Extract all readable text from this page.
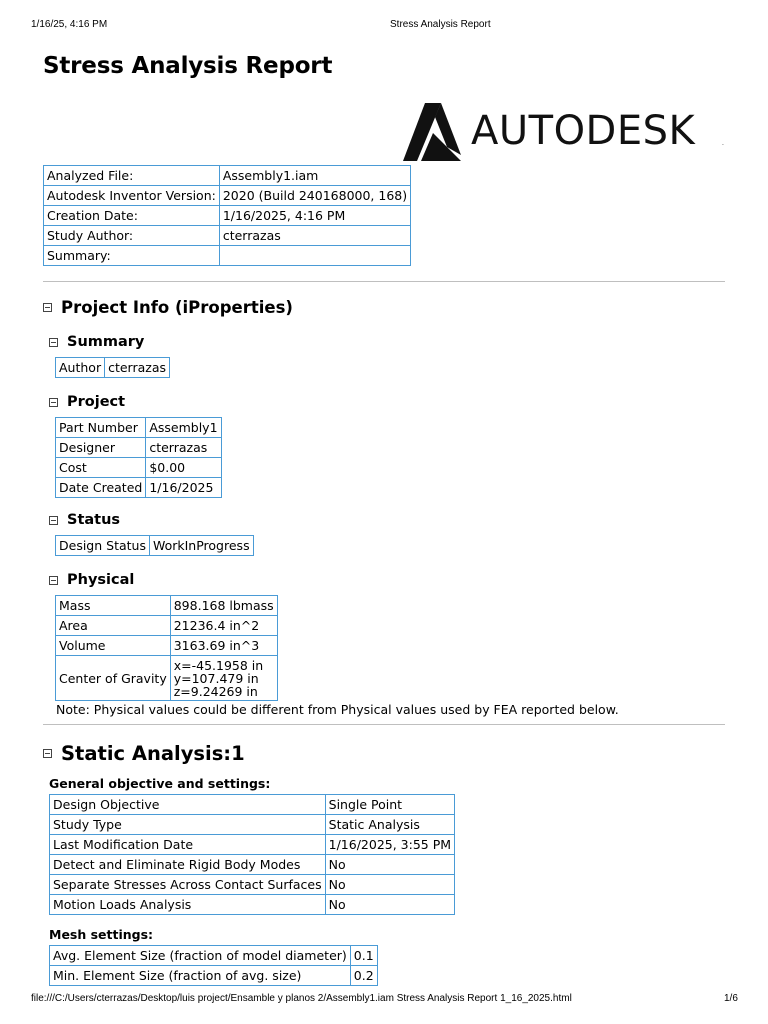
1/16/25, 4:16 PM	Stress Analysis Report
Stress Analysis Report
AUTODESK	.
Analyzed File:	Assembly1.iam
Autodesk Inventor Version:	2020 (Build 240168000, 168)
Creation Date:	1/16/2025, 4:16 PM
Study Author:	cterrazas
Summary:	
Project Info (iProperties)
Summary
Author	cterrazas
Project
Part Number	Assembly1
Designer	cterrazas
Cost	$0.00
Date Created	1/16/2025
Status
Design Status	WorkInProgress
Physical
Mass	898.168 lbmass
Area	21236.4 in^2
Volume	3163.69 in^3
Center of Gravity	x=-45.1958 in
y=107.479 in
z=9.24269 in
Note: Physical values could be different from Physical values used by FEA reported below.
Static Analysis:1
General objective and settings:
Design Objective	Single Point
Study Type	Static Analysis
Last Modification Date	1/16/2025, 3:55 PM
Detect and Eliminate Rigid Body Modes	No
Separate Stresses Across Contact Surfaces	No
Motion Loads Analysis	No
Mesh settings:
Avg. Element Size (fraction of model diameter)	0.1
Min. Element Size (fraction of avg. size)	0.2
file:///C:/Users/cterrazas/Desktop/luis project/Ensamble y planos 2/Assembly1.iam Stress Analysis Report 1_16_2025.html	1/6
